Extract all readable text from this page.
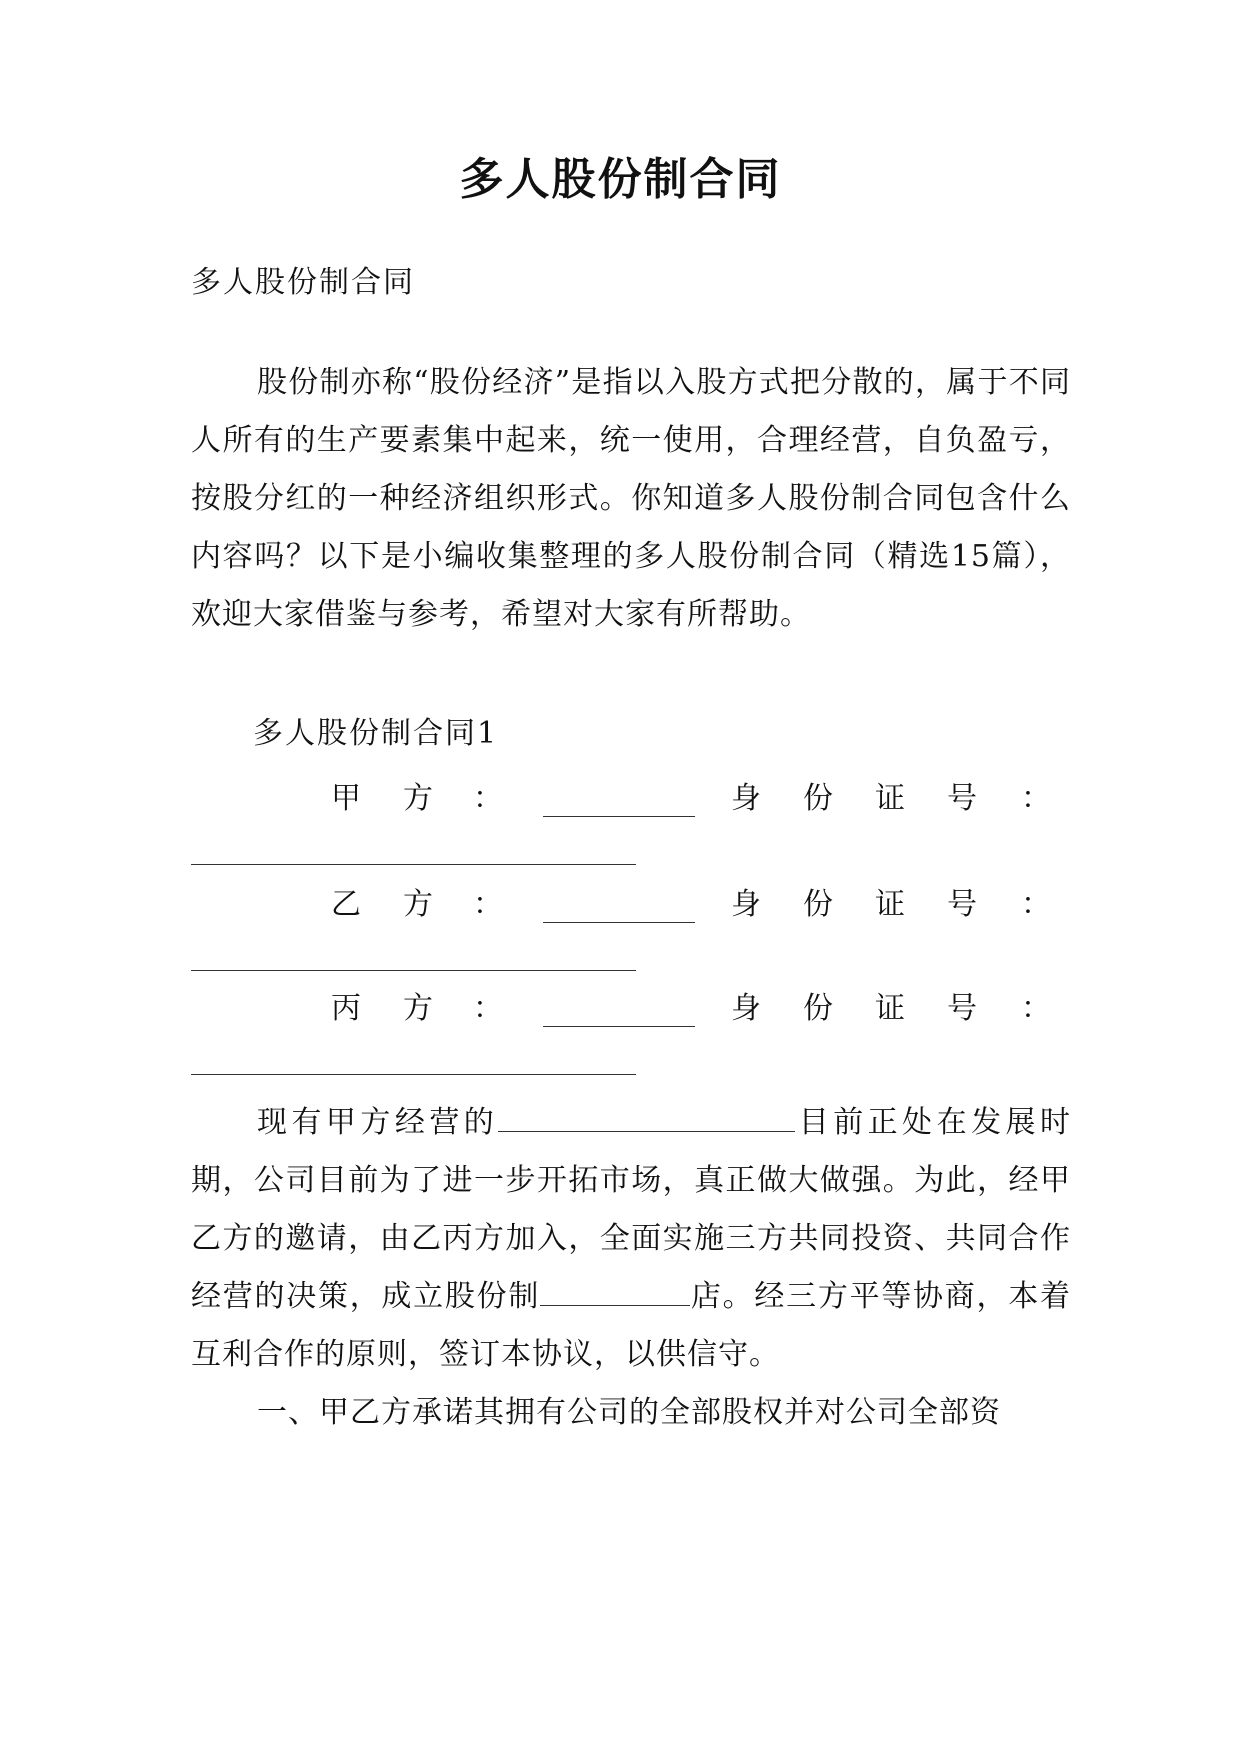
多人股份制合同
多人股份制合同
股份制亦称“股份经济”是指以入股方式把分散的，属于不同人所有的生产要素集中起来，统一使用，合理经营，自负盈亏，按股分红的一种经济组织形式。你知道多人股份制合同包含什么内容吗？以下是小编收集整理的多人股份制合同（精选15篇），欢迎大家借鉴与参考，希望对大家有所帮助。
多人股份制合同1
甲 方 ：	身 份 证 号 ：
乙 方 ：	身 份 证 号 ：
丙 方 ：	身 份 证 号 ：
现有甲方经营的	目前正处在发展时期，公司目前为了进一步开拓市场，真正做大做强。为此，经甲乙方的邀请，由乙丙方加入，全面实施三方共同投资、共同合作经营的决策，成立股份制	店。经三方平等协商，本着互利合作的原则，签订本协议，以供信守。
一、甲乙方承诺其拥有公司的全部股权并对公司全部资
